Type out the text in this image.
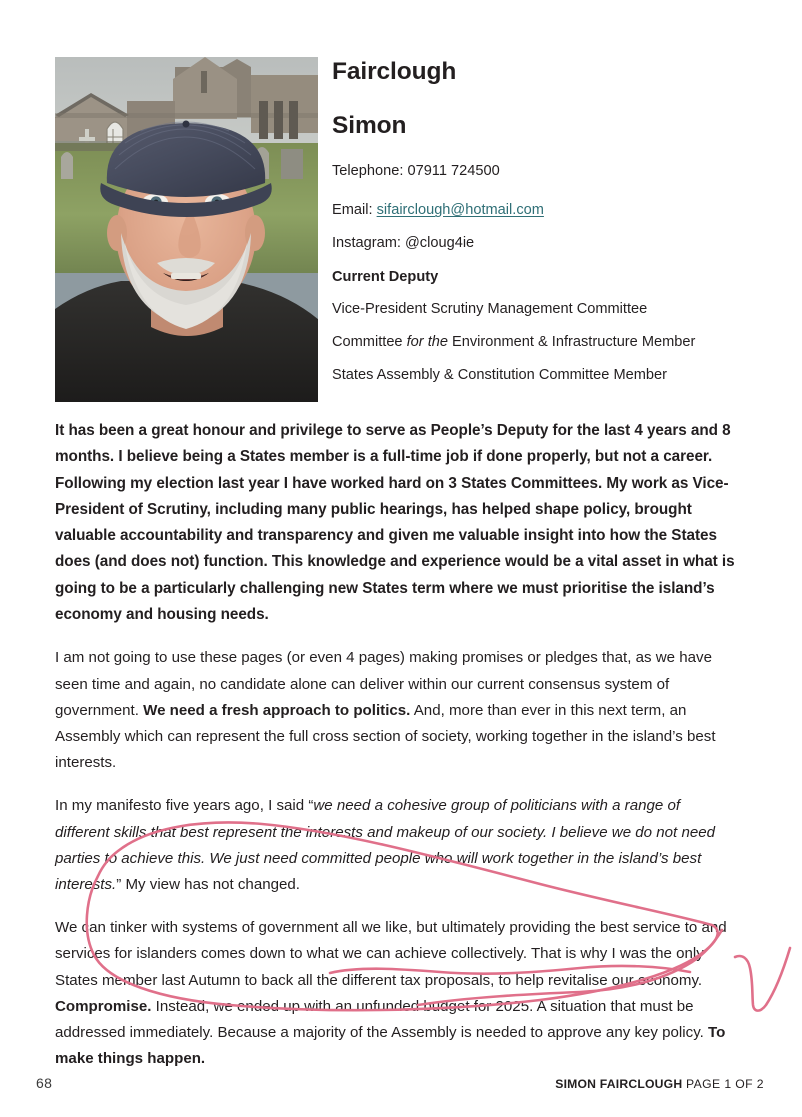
Fairclough
Simon

Telephone: 07911 724500

Email: sifairclough@hotmail.com

Instagram: @cloug4ie

Current Deputy

Vice-President Scrutiny Management Committee

Committee for the Environment & Infrastructure Member

States Assembly & Constitution Committee Member

It has been a great honour and privilege to serve as People’s Deputy for the last 4 years and 8 months. I believe being a States member is a full-time job if done properly, but not a career. Following my election last year I have worked hard on 3 States Committees. My work as Vice-President of Scrutiny, including many public hearings, has helped shape policy, brought valuable accountability and transparency and given me valuable insight into how the States does (and does not) function. This knowledge and experience would be a vital asset in what is going to be a particularly challenging new States term where we must prioritise the island’s economy and housing needs.

I am not going to use these pages (or even 4 pages) making promises or pledges that, as we have seen time and again, no candidate alone can deliver within our current consensus system of government. We need a fresh approach to politics. And, more than ever in this next term, an Assembly which can represent the full cross section of society, working together in the island’s best interests.

In my manifesto five years ago, I said “we need a cohesive group of politicians with a range of different skills that best represent the interests and makeup of our society. I believe we do not need parties to achieve this. We just need committed people who will work together in the island’s best interests.” My view has not changed.

We can tinker with systems of government all we like, but ultimately providing the best service to and services for islanders comes down to what we can achieve collectively. That is why I was the only States member last Autumn to back all the different tax proposals, to help revitalise our economy. Compromise. Instead, we ended up with an unfunded budget for 2025. A situation that must be addressed immediately. Because a majority of the Assembly is needed to approve any key policy. To make things happen.

68	SIMON FAIRCLOUGH PAGE 1 OF 2
